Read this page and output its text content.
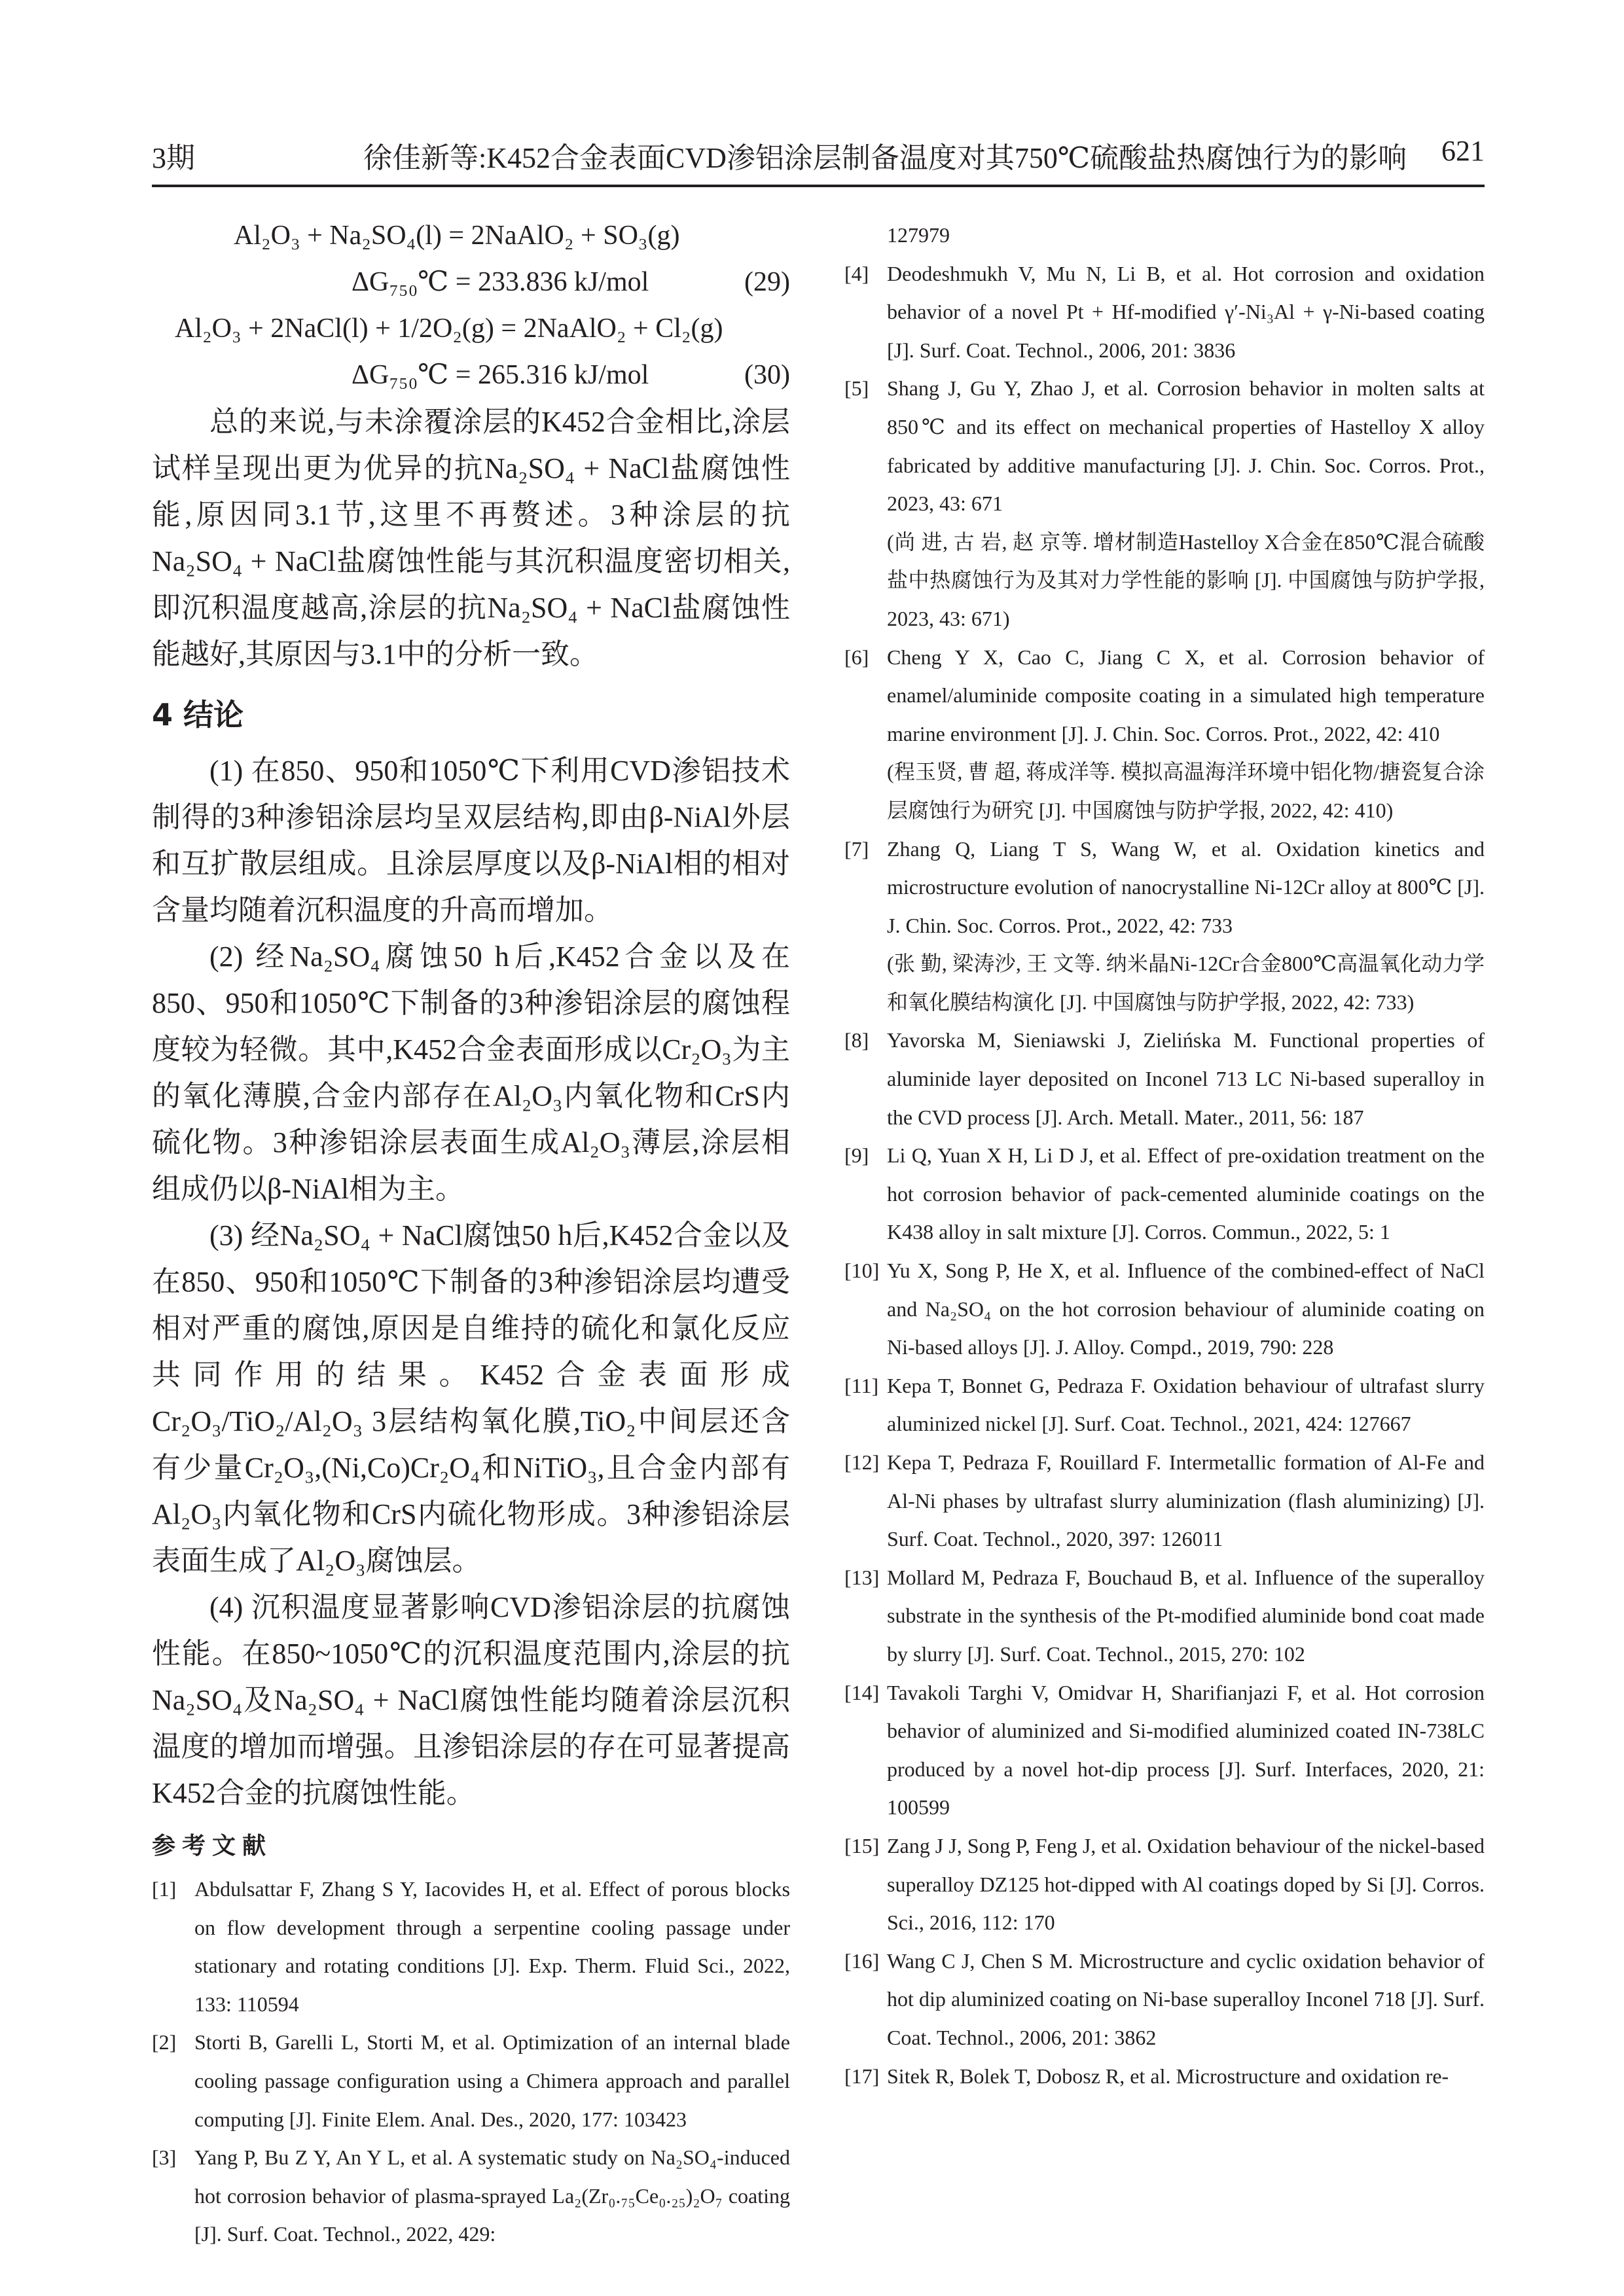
3期	徐佳新等:K452合金表面CVD渗铝涂层制备温度对其750℃硫酸盐热腐蚀行为的影响 621
Al₂O₃ + Na₂SO₄(l) = 2NaAlO₂ + SO₃(g)
ΔG₇₅₀℃ = 233.836 kJ/mol	(29)
Al₂O₃ + 2NaCl(l) + 1/2O₂(g) = 2NaAlO₂ + Cl₂(g)
ΔG₇₅₀℃ = 265.316 kJ/mol	(30)

总的来说,与未涂覆涂层的K452合金相比,涂层试样呈现出更为优异的抗Na₂SO₄ + NaCl盐腐蚀性能,原因同3.1节,这里不再赘述。3种涂层的抗Na₂SO₄ + NaCl盐腐蚀性能与其沉积温度密切相关,即沉积温度越高,涂层的抗Na₂SO₄ + NaCl盐腐蚀性能越好,其原因与3.1中的分析一致。

4 结论

(1) 在850、950和1050℃下利用CVD渗铝技术制得的3种渗铝涂层均呈双层结构,即由β-NiAl外层和互扩散层组成。且涂层厚度以及β-NiAl相的相对含量均随着沉积温度的升高而增加。

(2) 经Na₂SO₄腐蚀50 h后,K452合金以及在850、950和1050℃下制备的3种渗铝涂层的腐蚀程度较为轻微。其中,K452合金表面形成以Cr₂O₃为主的氧化薄膜,合金内部存在Al₂O₃内氧化物和CrS内硫化物。3种渗铝涂层表面生成Al₂O₃薄层,涂层相组成仍以β-NiAl相为主。

(3) 经Na₂SO₄ + NaCl腐蚀50 h后,K452合金以及在850、950和1050℃下制备的3种渗铝涂层均遭受相对严重的腐蚀,原因是自维持的硫化和氯化反应共同作用的结果。K452合金表面形成Cr₂O₃/TiO₂/Al₂O₃ 3层结构氧化膜,TiO₂中间层还含有少量Cr₂O₃,(Ni,Co)Cr₂O₄和NiTiO₃,且合金内部有Al₂O₃内氧化物和CrS内硫化物形成。3种渗铝涂层表面生成了Al₂O₃腐蚀层。

(4) 沉积温度显著影响CVD渗铝涂层的抗腐蚀性能。在850~1050℃的沉积温度范围内,涂层的抗Na₂SO₄及Na₂SO₄ + NaCl腐蚀性能均随着涂层沉积温度的增加而增强。且渗铝涂层的存在可显著提高K452合金的抗腐蚀性能。

参考文献
[1] Abdulsattar F, Zhang S Y, Iacovides H, et al. Effect of porous blocks on flow development through a serpentine cooling passage under stationary and rotating conditions [J]. Exp. Therm. Fluid Sci., 2022, 133: 110594
[2] Storti B, Garelli L, Storti M, et al. Optimization of an internal blade cooling passage configuration using a Chimera approach and parallel computing [J]. Finite Elem. Anal. Des., 2020, 177: 103423
[3] Yang P, Bu Z Y, An Y L, et al. A systematic study on Na₂SO₄-induced hot corrosion behavior of plasma-sprayed La₂(Zr₀.₇₅Ce₀.₂₅)₂O₇ coating [J]. Surf. Coat. Technol., 2022, 429:
127979
[4] Deodeshmukh V, Mu N, Li B, et al. Hot corrosion and oxidation behavior of a novel Pt + Hf-modified γ′-Ni₃Al + γ-Ni-based coating [J]. Surf. Coat. Technol., 2006, 201: 3836
[5] Shang J, Gu Y, Zhao J, et al. Corrosion behavior in molten salts at 850℃ and its effect on mechanical properties of Hastelloy X alloy fabricated by additive manufacturing [J]. J. Chin. Soc. Corros. Prot., 2023, 43: 671
(尚 进, 古 岩, 赵 京等. 增材制造Hastelloy X合金在850℃混合硫酸盐中热腐蚀行为及其对力学性能的影响 [J]. 中国腐蚀与防护学报, 2023, 43: 671)
[6] Cheng Y X, Cao C, Jiang C X, et al. Corrosion behavior of enamel/aluminide composite coating in a simulated high temperature marine environment [J]. J. Chin. Soc. Corros. Prot., 2022, 42: 410
(程玉贤, 曹 超, 蒋成洋等. 模拟高温海洋环境中铝化物/搪瓷复合涂层腐蚀行为研究 [J]. 中国腐蚀与防护学报, 2022, 42: 410)
[7] Zhang Q, Liang T S, Wang W, et al. Oxidation kinetics and microstructure evolution of nanocrystalline Ni-12Cr alloy at 800℃ [J]. J. Chin. Soc. Corros. Prot., 2022, 42: 733
(张 勤, 梁涛沙, 王 文等. 纳米晶Ni-12Cr合金800℃高温氧化动力学和氧化膜结构演化 [J]. 中国腐蚀与防护学报, 2022, 42: 733)
[8] Yavorska M, Sieniawski J, Zielińska M. Functional properties of aluminide layer deposited on Inconel 713 LC Ni-based superalloy in the CVD process [J]. Arch. Metall. Mater., 2011, 56: 187
[9] Li Q, Yuan X H, Li D J, et al. Effect of pre-oxidation treatment on the hot corrosion behavior of pack-cemented aluminide coatings on the K438 alloy in salt mixture [J]. Corros. Commun., 2022, 5: 1
[10] Yu X, Song P, He X, et al. Influence of the combined-effect of NaCl and Na₂SO₄ on the hot corrosion behaviour of aluminide coating on Ni-based alloys [J]. J. Alloy. Compd., 2019, 790: 228
[11] Kepa T, Bonnet G, Pedraza F. Oxidation behaviour of ultrafast slurry aluminized nickel [J]. Surf. Coat. Technol., 2021, 424: 127667
[12] Kepa T, Pedraza F, Rouillard F. Intermetallic formation of Al-Fe and Al-Ni phases by ultrafast slurry aluminization (flash aluminizing) [J]. Surf. Coat. Technol., 2020, 397: 126011
[13] Mollard M, Pedraza F, Bouchaud B, et al. Influence of the superalloy substrate in the synthesis of the Pt-modified aluminide bond coat made by slurry [J]. Surf. Coat. Technol., 2015, 270: 102
[14] Tavakoli Targhi V, Omidvar H, Sharifianjazi F, et al. Hot corrosion behavior of aluminized and Si-modified aluminized coated IN-738LC produced by a novel hot-dip process [J]. Surf. Interfaces, 2020, 21: 100599
[15] Zang J J, Song P, Feng J, et al. Oxidation behaviour of the nickel-based superalloy DZ125 hot-dipped with Al coatings doped by Si [J]. Corros. Sci., 2016, 112: 170
[16] Wang C J, Chen S M. Microstructure and cyclic oxidation behavior of hot dip aluminized coating on Ni-base superalloy Inconel 718 [J]. Surf. Coat. Technol., 2006, 201: 3862
[17] Sitek R, Bolek T, Dobosz R, et al. Microstructure and oxidation re-
